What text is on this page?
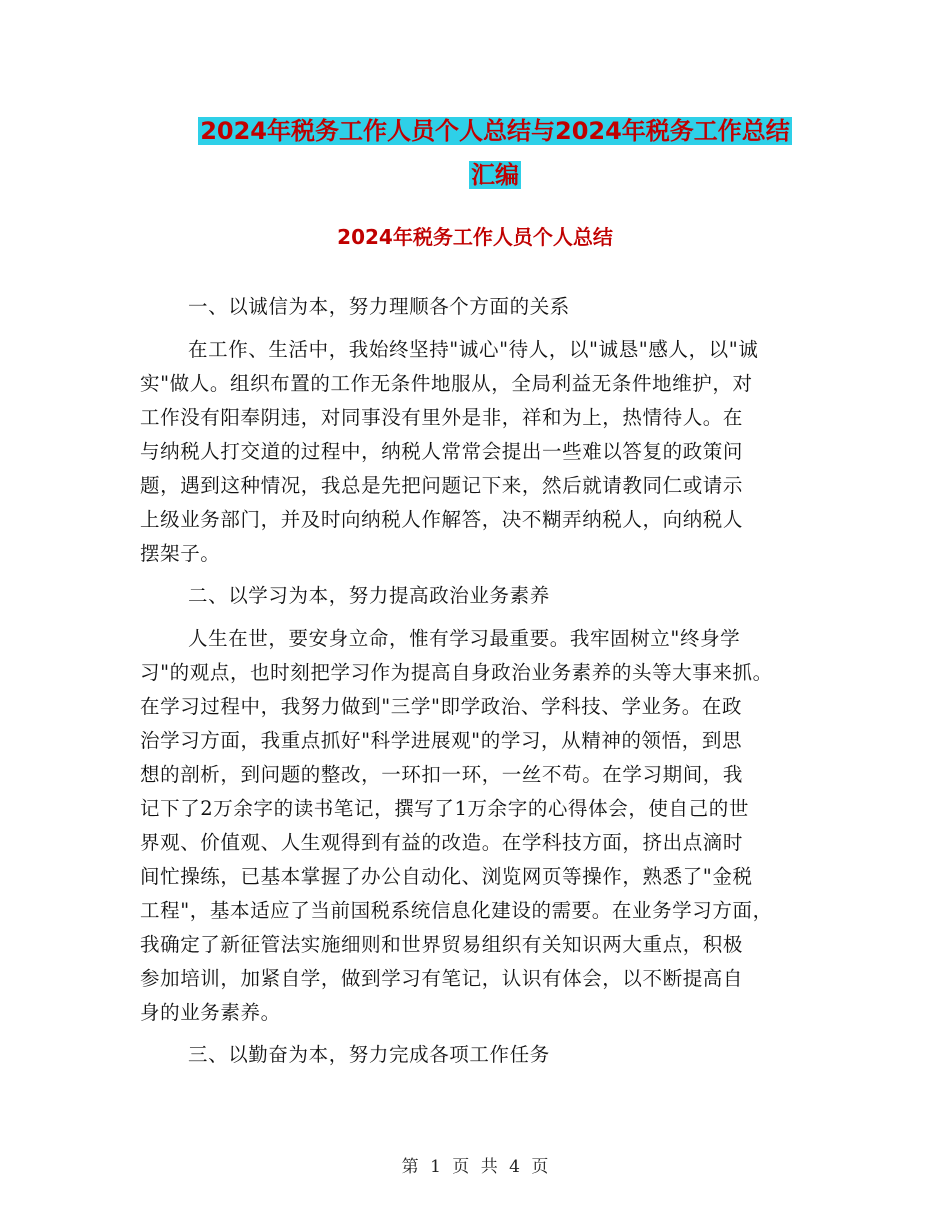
2024年税务工作人员个人总结与2024年税务工作总结
汇编
2024年税务工作人员个人总结
一、以诚信为本，努力理顺各个方面的关系
在工作、生活中，我始终坚持"诚心"待人，以"诚恳"感人，以"诚
实"做人。组织布置的工作无条件地服从，全局利益无条件地维护，对
工作没有阳奉阴违，对同事没有里外是非，祥和为上，热情待人。在
与纳税人打交道的过程中，纳税人常常会提出一些难以答复的政策问
题，遇到这种情况，我总是先把问题记下来，然后就请教同仁或请示
上级业务部门，并及时向纳税人作解答，决不糊弄纳税人，向纳税人
摆架子。
二、以学习为本，努力提高政治业务素养
人生在世，要安身立命，惟有学习最重要。我牢固树立"终身学
习"的观点，也时刻把学习作为提高自身政治业务素养的头等大事来抓。
在学习过程中，我努力做到"三学"即学政治、学科技、学业务。在政
治学习方面，我重点抓好"科学进展观"的学习，从精神的领悟，到思
想的剖析，到问题的整改，一环扣一环，一丝不苟。在学习期间，我
记下了2万余字的读书笔记，撰写了1万余字的心得体会，使自己的世
界观、价值观、人生观得到有益的改造。在学科技方面，挤出点滴时
间忙操练，已基本掌握了办公自动化、浏览网页等操作，熟悉了"金税
工程"，基本适应了当前国税系统信息化建设的需要。在业务学习方面，
我确定了新征管法实施细则和世界贸易组织有关知识两大重点，积极
参加培训，加紧自学，做到学习有笔记，认识有体会，以不断提高自
身的业务素养。
三、以勤奋为本，努力完成各项工作任务
第 1 页 共 4 页
